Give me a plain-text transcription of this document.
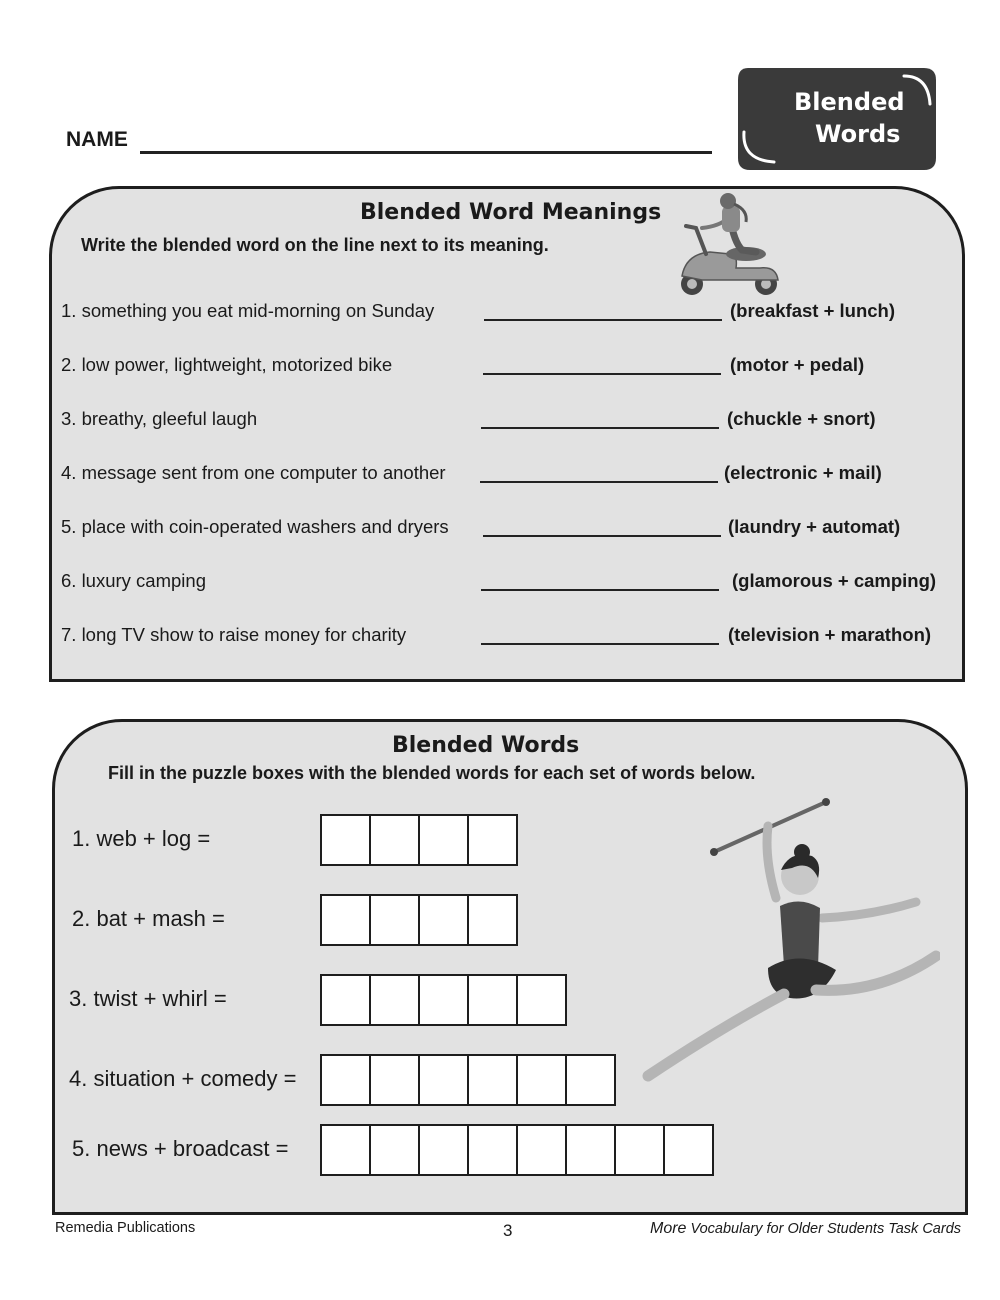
NAME
Blended
Words
Blended Word Meanings
Write the blended word on the line next to its meaning.
1. something you eat mid-morning on Sunday	(breakfast + lunch)
2. low power, lightweight, motorized bike	(motor + pedal)
3. breathy, gleeful laugh	(chuckle + snort)
4. message sent from one computer to another	(electronic + mail)
5. place with coin-operated washers and dryers	(laundry + automat)
6. luxury camping	(glamorous + camping)
7. long TV show to raise money for charity	(television + marathon)
Blended Words
Fill in the puzzle boxes with the blended words for each set of words below.
1. web + log =
2. bat + mash =
3. twist + whirl =
4. situation + comedy =
5. news + broadcast =
Remedia Publications	3	More Vocabulary for Older Students Task Cards
